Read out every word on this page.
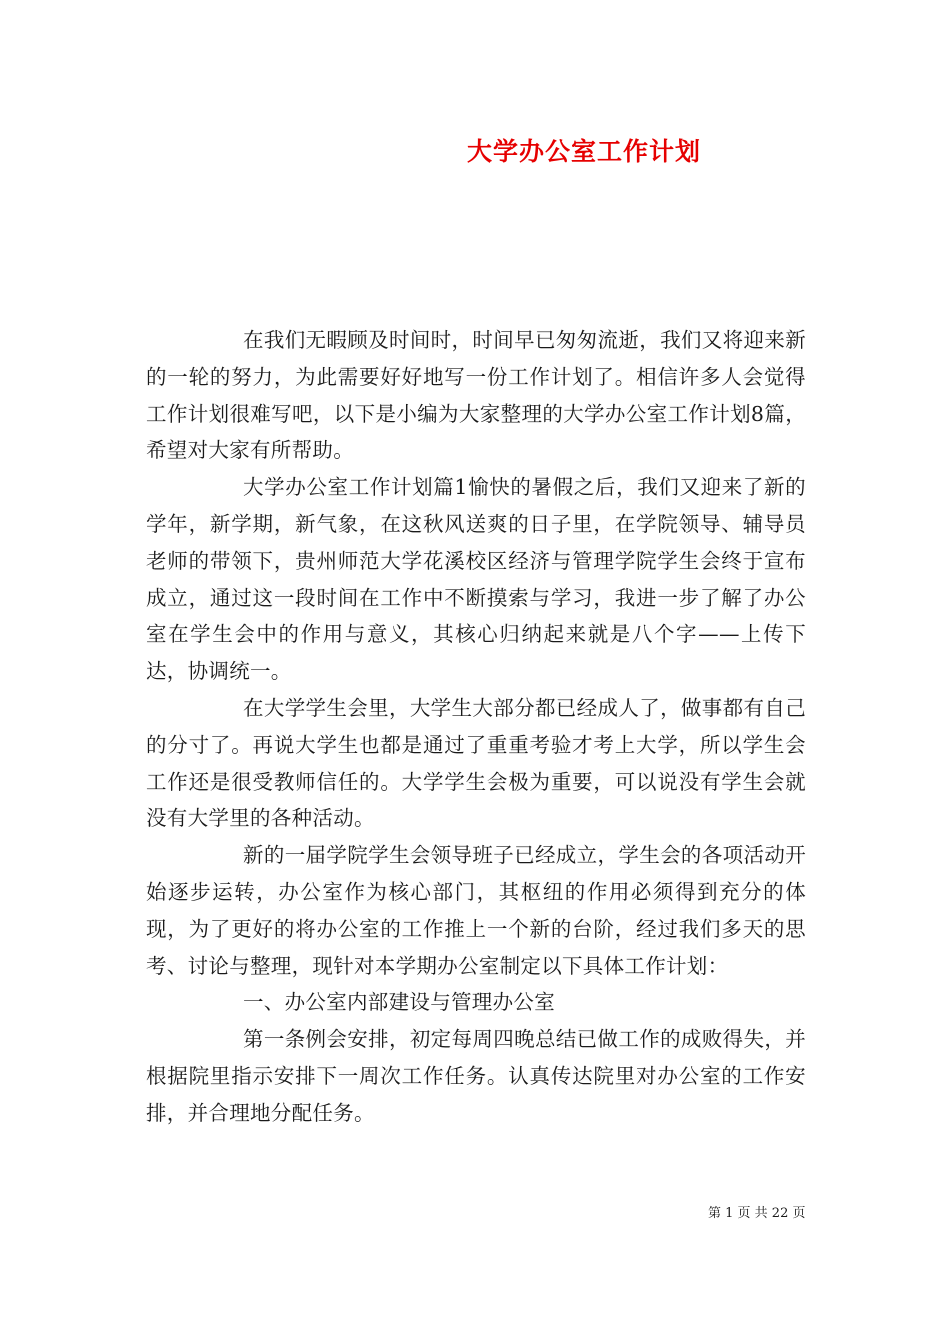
大学办公室工作计划

在我们无暇顾及时间时，时间早已匆匆流逝，我们又将迎来新的一轮的努力，为此需要好好地写一份工作计划了。相信许多人会觉得工作计划很难写吧，以下是小编为大家整理的大学办公室工作计划8篇，希望对大家有所帮助。

大学办公室工作计划篇1愉快的暑假之后，我们又迎来了新的学年，新学期，新气象，在这秋风送爽的日子里，在学院领导、辅导员老师的带领下，贵州师范大学花溪校区经济与管理学院学生会终于宣布成立，通过这一段时间在工作中不断摸索与学习，我进一步了解了办公室在学生会中的作用与意义，其核心归纳起来就是八个字——上传下达，协调统一。

在大学学生会里，大学生大部分都已经成人了，做事都有自己的分寸了。再说大学生也都是通过了重重考验才考上大学，所以学生会工作还是很受教师信任的。大学学生会极为重要，可以说没有学生会就没有大学里的各种活动。

新的一届学院学生会领导班子已经成立，学生会的各项活动开始逐步运转，办公室作为核心部门，其枢纽的作用必须得到充分的体现，为了更好的将办公室的工作推上一个新的台阶，经过我们多天的思考、讨论与整理，现针对本学期办公室制定以下具体工作计划：

一、办公室内部建设与管理办公室

第一条例会安排，初定每周四晚总结已做工作的成败得失，并根据院里指示安排下一周次工作任务。认真传达院里对办公室的工作安排，并合理地分配任务。

第 1 页 共 22 页
